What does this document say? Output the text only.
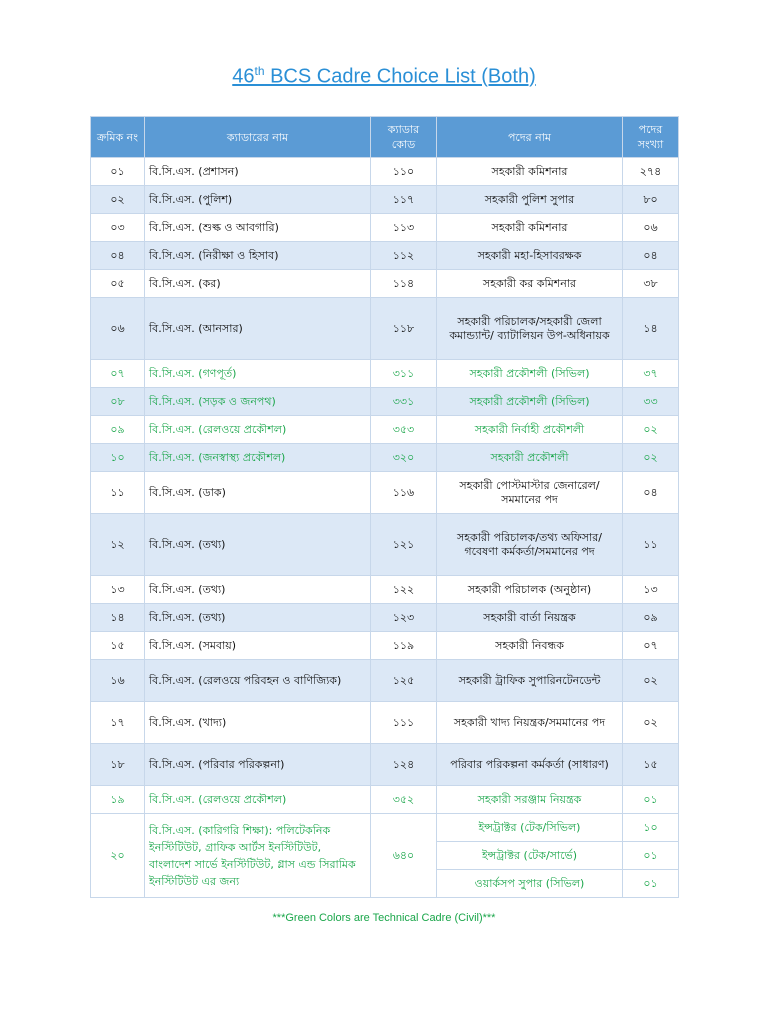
46th BCS Cadre Choice List (Both)
ক্রমিক নং	ক্যাডারের নাম	ক্যাডার কোড	পদের নাম	পদের সংখ্যা
০১	বি.সি.এস. (প্রশাসন)	১১০	সহকারী কমিশনার	২৭৪
০২	বি.সি.এস. (পুলিশ)	১১৭	সহকারী পুলিশ সুপার	৮০
০৩	বি.সি.এস. (শুল্ক ও আবগারি)	১১৩	সহকারী কমিশনার	০৬
০৪	বি.সি.এস. (নিরীক্ষা ও হিসাব)	১১২	সহকারী মহা-হিসাবরক্ষক	০৪
০৫	বি.সি.এস. (কর)	১১৪	সহকারী কর কমিশনার	৩৮
০৬	বি.সি.এস. (আনসার)	১১৮	সহকারী পরিচালক/সহকারী জেলা কমান্ড্যান্ট/ ব্যাটালিয়ন উপ-অধিনায়ক	১৪
০৭	বি.সি.এস. (গণপূর্ত)	৩১১	সহকারী প্রকৌশলী (সিভিল)	৩৭
০৮	বি.সি.এস. (সড়ক ও জনপথ)	৩৩১	সহকারী প্রকৌশলী (সিভিল)	৩৩
০৯	বি.সি.এস. (রেলওয়ে প্রকৌশল)	৩৫৩	সহকারী নির্বাহী প্রকৌশলী	০২
১০	বি.সি.এস. (জনস্বাস্থ্য প্রকৌশল)	৩২০	সহকারী প্রকৌশলী	০২
১১	বি.সি.এস. (ডাক)	১১৬	সহকারী পোস্টমাস্টার জেনারেল/সমমানের পদ	০৪
১২	বি.সি.এস. (তথ্য)	১২১	সহকারী পরিচালক/তথ্য অফিসার/গবেষণা কর্মকর্তা/সমমানের পদ	১১
১৩	বি.সি.এস. (তথ্য)	১২২	সহকারী পরিচালক (অনুষ্ঠান)	১৩
১৪	বি.সি.এস. (তথ্য)	১২৩	সহকারী বার্তা নিয়ন্ত্রক	০৯
১৫	বি.সি.এস. (সমবায়)	১১৯	সহকারী নিবন্ধক	০৭
১৬	বি.সি.এস. (রেলওয়ে পরিবহন ও বাণিজ্যিক)	১২৫	সহকারী ট্রাফিক সুপারিনটেনডেন্ট	০২
১৭	বি.সি.এস. (খাদ্য)	১১১	সহকারী খাদ্য নিয়ন্ত্রক/সমমানের পদ	০২
১৮	বি.সি.এস. (পরিবার পরিকল্পনা)	১২৪	পরিবার পরিকল্পনা কর্মকর্তা (সাধারণ)	১৫
১৯	বি.সি.এস. (রেলওয়ে প্রকৌশল)	৩৫২	সহকারী সরঞ্জাম নিয়ন্ত্রক	০১
২০	বি.সি.এস. (কারিগরি শিক্ষা): পলিটেকনিক ইনস্টিটিউট, গ্রাফিক আর্টস ইনস্টিটিউট, বাংলাদেশ সার্ভে ইনস্টিটিউট, গ্লাস এন্ড সিরামিক ইনস্টিটিউট এর জন্য	৬৪০	ইন্সট্রাক্টর (টেক/সিভিল)	১০
			ইন্সট্রাক্টর (টেক/সার্ভে)	০১
			ওয়ার্কসপ সুপার (সিভিল)	০১
***Green Colors are Technical Cadre (Civil)***
